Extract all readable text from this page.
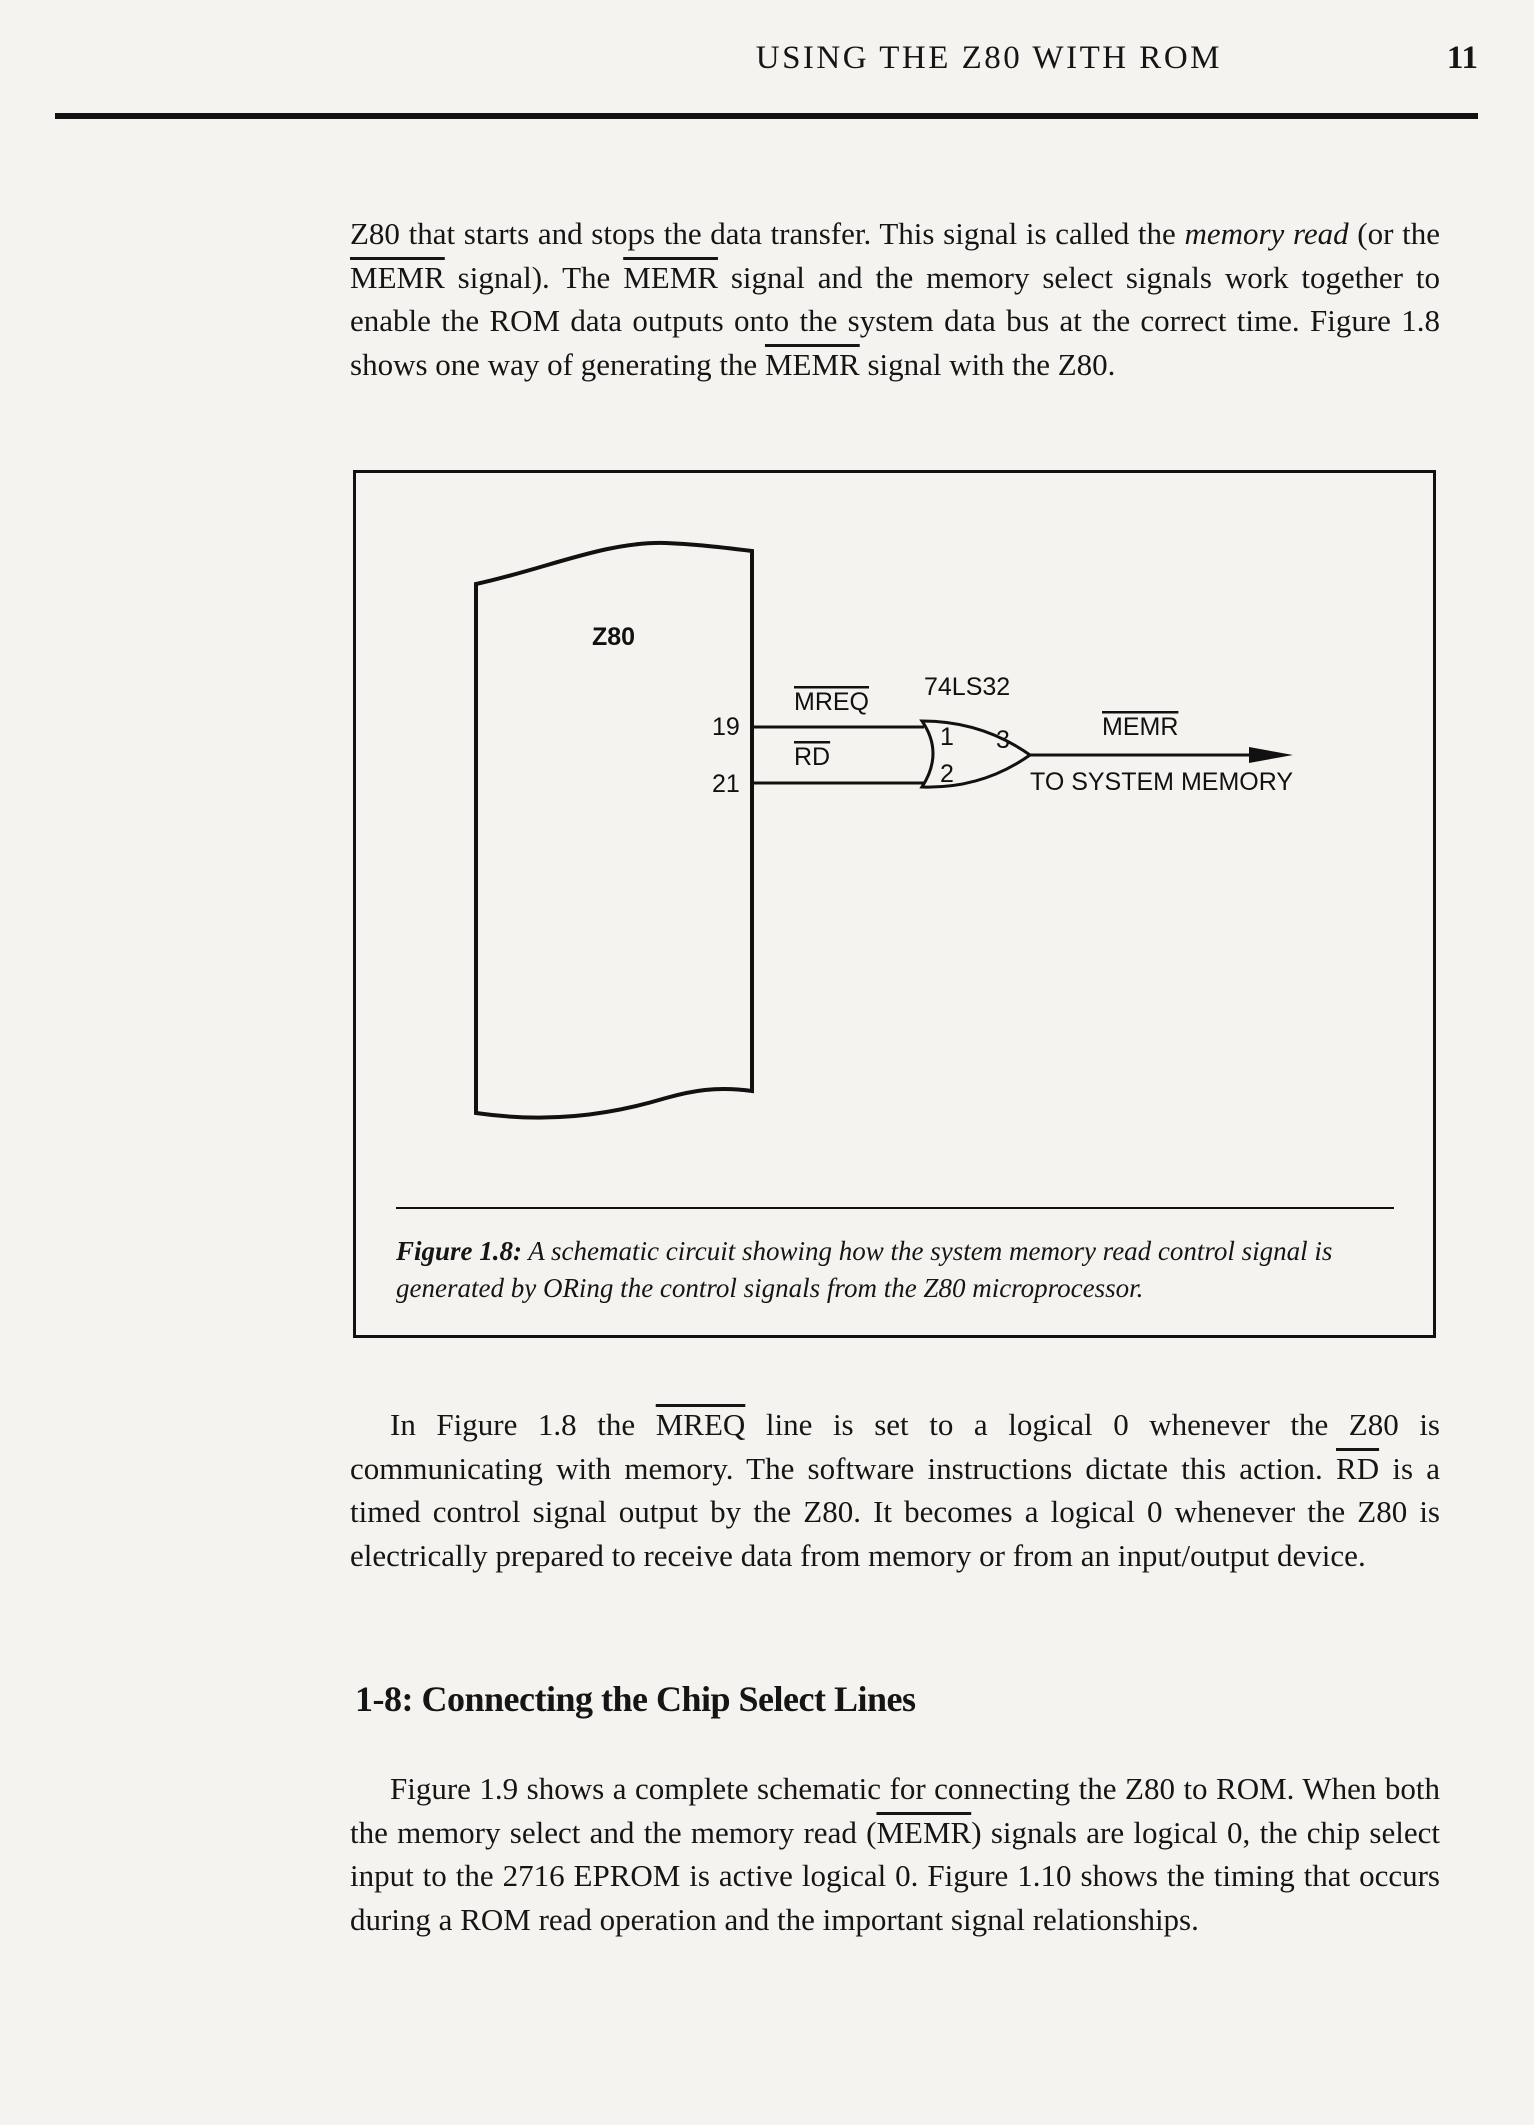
USING THE Z80 WITH ROM	11

Z80 that starts and stops the data transfer. This signal is called the memory read (or the MEMR signal). The MEMR signal and the memory select signals work together to enable the ROM data outputs onto the system data bus at the correct time. Figure 1.8 shows one way of generating the MEMR signal with the Z80.

Z80
19
21
MREQ
RD
74LS32
1
2
3	MEMR
TO SYSTEM MEMORY

Figure 1.8: A schematic circuit showing how the system memory read control signal is generated by ORing the control signals from the Z80 microprocessor.

In Figure 1.8 the MREQ line is set to a logical 0 whenever the Z80 is communicating with memory. The software instructions dictate this action. $\overline{RD}$ is a timed control signal output by the Z80. It becomes a logical 0 whenever the Z80 is electrically prepared to receive data from memory or from an input/output device.

1-8: Connecting the Chip Select Lines

Figure 1.9 shows a complete schematic for connecting the Z80 to ROM. When both the memory select and the memory read (MEMR) signals are logical 0, the chip select input to the 2716 EPROM is active logical 0. Figure 1.10 shows the timing that occurs during a ROM read operation and the important signal relationships.
